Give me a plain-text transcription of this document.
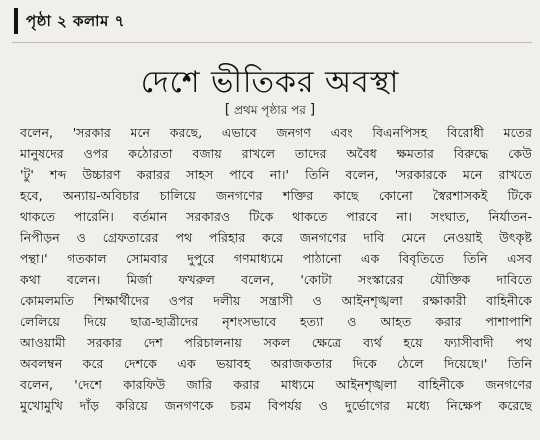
পৃষ্ঠা ২ কলাম ৭
দেশে ভীতিকর অবস্থা
[ প্রথম পৃষ্ঠার পর ]
বলেন, 'সরকার মনে করছে, এভাবে জনগণ এবং বিএনপিসহ বিরোধী মতের
মানুষদের ওপর কঠোরতা বজায় রাখলে তাদের অবৈধ ক্ষমতার বিরুদ্ধে কেউ
'টু' শব্দ উচ্চারণ করারর সাহস পাবে না।' তিনি বলেন, 'সরকারকে মনে রাখতে
হবে, অন্যায়-অবিচার চালিয়ে জনগণের শক্তির কাছে কোনো স্বৈরশাসকই টিকে
থাকতে পারেনি। বর্তমান সরকারও টিকে থাকতে পারবে না। সংঘাত, নির্যাতন-
নিপীড়ন ও গ্রেফতারের পথ পরিহার করে জনগণের দাবি মেনে নেওয়াই উৎকৃষ্ট
পন্থা।' গতকাল সোমবার দুপুরে গণমাধ্যমে পাঠানো এক বিবৃতিতে তিনি এসব
কথা বলেন। মির্জা ফখরুল বলেন, 'কোটা সংস্কারের যৌক্তিক দাবিতে
কোমলমতি শিক্ষার্থীদের ওপর দলীয় সন্ত্রাসী ও আইনশৃঙ্খলা রক্ষাকারী বাহিনীকে
লেলিয়ে দিয়ে ছাত্র-ছাত্রীদের নৃশংসভাবে হত্যা ও আহত করার পাশাপাশি
আওয়ামী সরকার দেশ পরিচালনায় সকল ক্ষেত্রে ব্যর্থ হয়ে ফ্যাসীবাদী পথ
অবলম্বন করে দেশকে এক ভয়াবহ অরাজকতার দিকে ঠেলে দিয়েছে।' তিনি
বলেন, 'দেশে কারফিউ জারি করার মাধ্যমে আইনশৃঙ্খলা বাহিনীকে জনগণের
মুখোমুখি দাঁড় করিয়ে জনগণকে চরম বিপর্যয় ও দুর্ভোগের মধ্যে নিক্ষেপ করেছে
